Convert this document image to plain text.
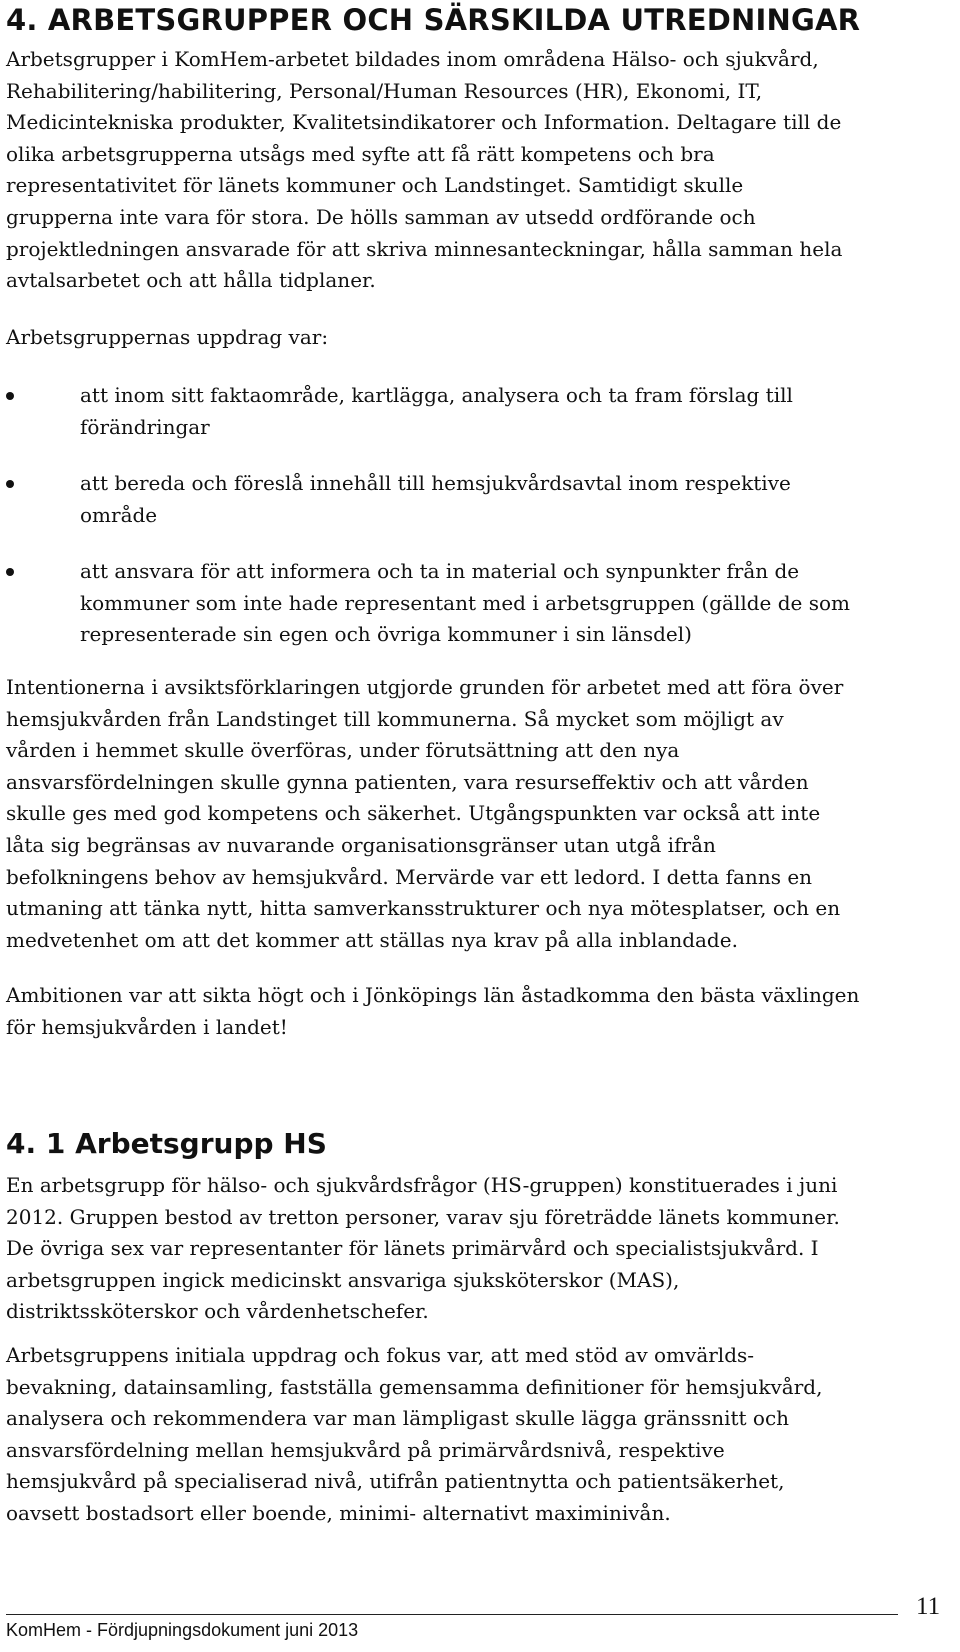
4. ARBETSGRUPPER OCH SÄRSKILDA UTREDNINGAR

Arbetsgrupper i KomHem-arbetet bildades inom områdena Hälso- och sjukvård,
Rehabilitering/habilitering, Personal/Human Resources (HR), Ekonomi, IT,
Medicintekniska produkter, Kvalitetsindikatorer och Information. Deltagare till de
olika arbetsgrupperna utsågs med syfte att få rätt kompetens och bra
representativitet för länets kommuner och Landstinget. Samtidigt skulle
grupperna inte vara för stora. De hölls samman av utsedd ordförande och
projektledningen ansvarade för att skriva minnesanteckningar, hålla samman hela
avtalsarbetet och att hålla tidplaner.

Arbetsgruppernas uppdrag var:

att inom sitt faktaområde, kartlägga, analysera och ta fram förslag till
förändringar
att bereda och föreslå innehåll till hemsjukvårdsavtal inom respektive
område
att ansvara för att informera och ta in material och synpunkter från de
kommuner som inte hade representant med i arbetsgruppen (gällde de som
representerade sin egen och övriga kommuner i sin länsdel)

Intentionerna i avsiktsförklaringen utgjorde grunden för arbetet med att föra över
hemsjukvården från Landstinget till kommunerna. Så mycket som möjligt av
vården i hemmet skulle överföras, under förutsättning att den nya
ansvarsfördelningen skulle gynna patienten, vara resurseffektiv och att vården
skulle ges med god kompetens och säkerhet. Utgångspunkten var också att inte
låta sig begränsas av nuvarande organisationsgränser utan utgå ifrån
befolkningens behov av hemsjukvård. Mervärde var ett ledord. I detta fanns en
utmaning att tänka nytt, hitta samverkansstrukturer och nya mötesplatser, och en
medvetenhet om att det kommer att ställas nya krav på alla inblandade.

Ambitionen var att sikta högt och i Jönköpings län åstadkomma den bästa växlingen
för hemsjukvården i landet!

4. 1 Arbetsgrupp HS

En arbetsgrupp för hälso- och sjukvårdsfrågor (HS-gruppen) konstituerades i juni
2012. Gruppen bestod av tretton personer, varav sju företrädde länets kommuner.
De övriga sex var representanter för länets primärvård och specialistsjukvård. I
arbetsgruppen ingick medicinskt ansvariga sjuksköterskor (MAS),
distriktssköterskor och vårdenhetschefer.

Arbetsgruppens initiala uppdrag och fokus var, att med stöd av omvärlds-
bevakning, datainsamling, fastställa gemensamma definitioner för hemsjukvård,
analysera och rekommendera var man lämpligast skulle lägga gränssnitt och
ansvarsfördelning mellan hemsjukvård på primärvårdsnivå, respektive
hemsjukvård på specialiserad nivå, utifrån patientnytta och patientsäkerhet,
oavsett bostadsort eller boende, minimi- alternativt maximinivån.

KomHem - Fördjupningsdokument juni 2013
11
